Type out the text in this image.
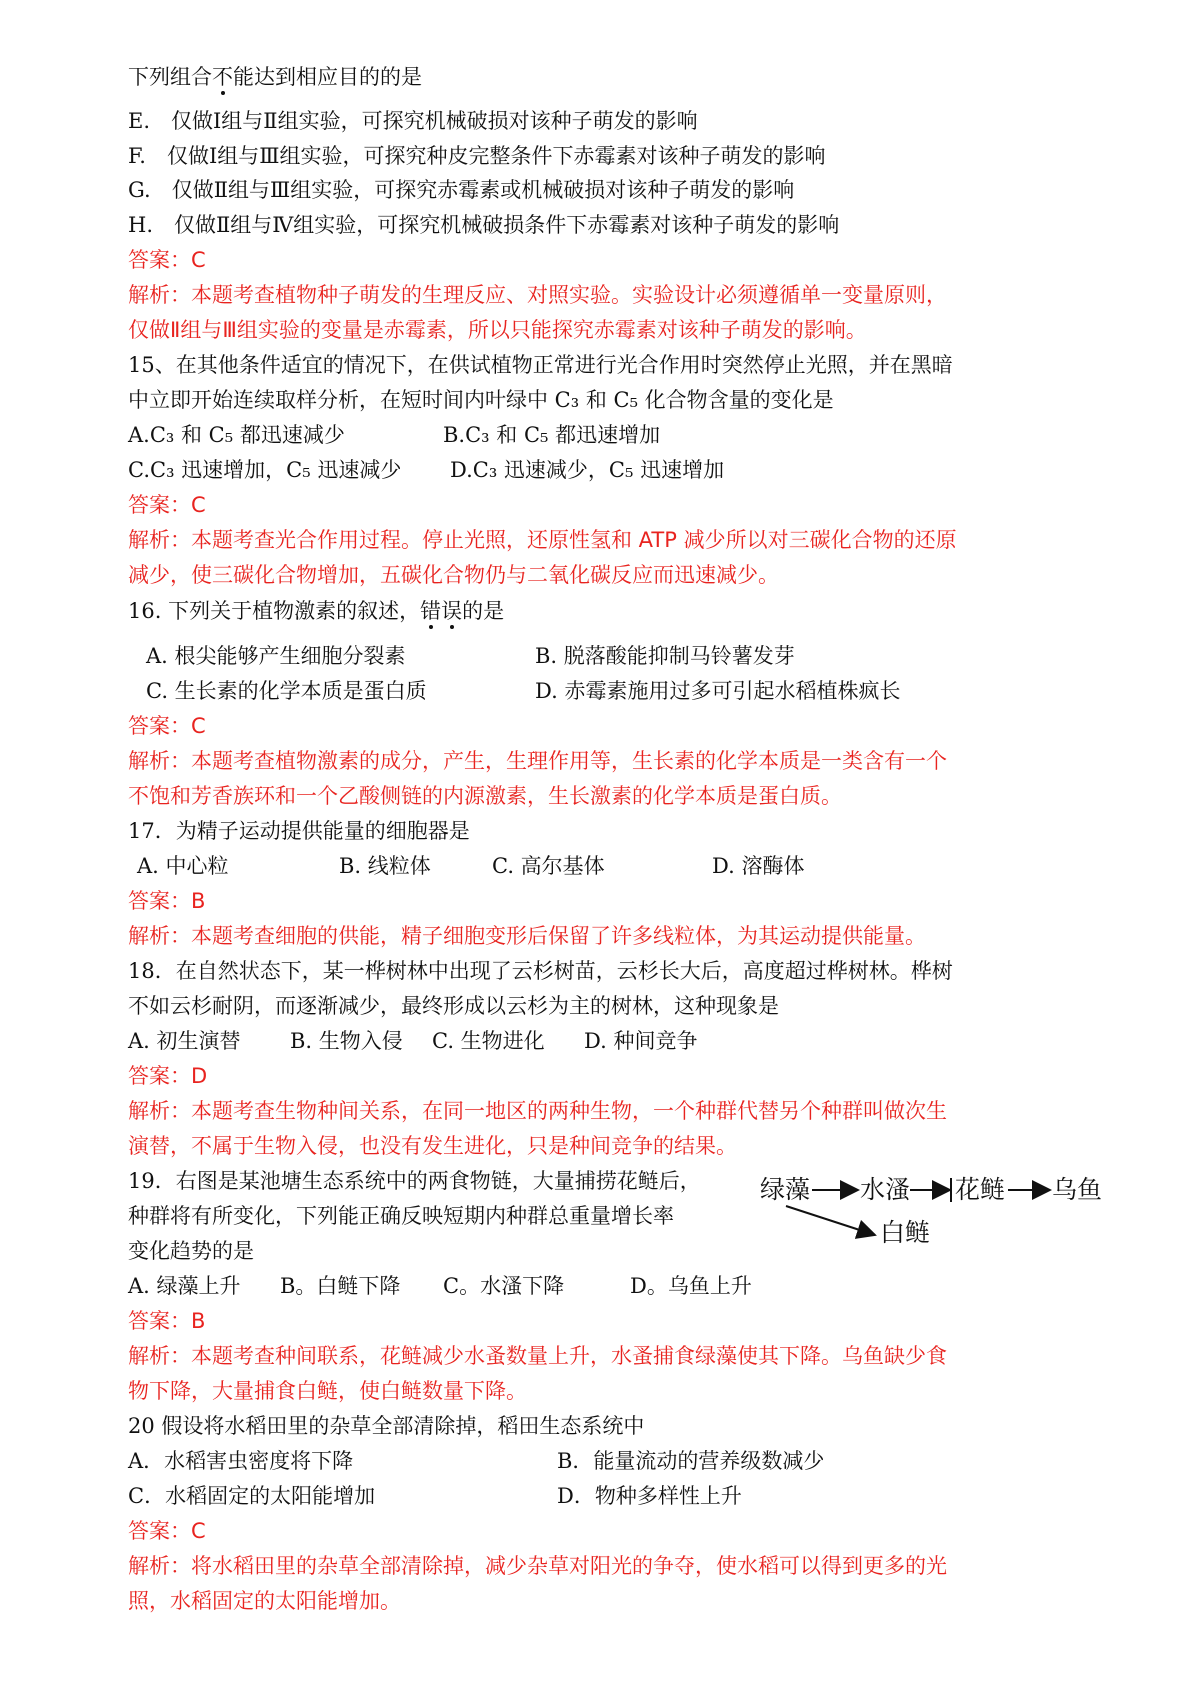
下列组合不能达到相应目的的是
E.　仅做Ⅰ组与Ⅱ组实验，可探究机械破损对该种子萌发的影响
F.　仅做Ⅰ组与Ⅲ组实验，可探究种皮完整条件下赤霉素对该种子萌发的影响
G.　仅做Ⅱ组与Ⅲ组实验，可探究赤霉素或机械破损对该种子萌发的影响
H.　仅做Ⅱ组与Ⅳ组实验，可探究机械破损条件下赤霉素对该种子萌发的影响
答案：C
解析：本题考查植物种子萌发的生理反应、对照实验。实验设计必须遵循单一变量原则，
仅做Ⅱ组与Ⅲ组实验的变量是赤霉素，所以只能探究赤霉素对该种子萌发的影响。
15、在其他条件适宜的情况下，在供试植物正常进行光合作用时突然停止光照，并在黑暗
中立即开始连续取样分析，在短时间内叶绿中 C₃ 和 C₅ 化合物含量的变化是
A.C₃ 和 C₅ 都迅速减少	B.C₃ 和 C₅ 都迅速增加
C.C₃ 迅速增加，C₅ 迅速减少 D.C₃ 迅速减少，C₅ 迅速增加
答案：C
解析：本题考查光合作用过程。停止光照，还原性氢和 ATP 减少所以对三碳化合物的还原
减少，使三碳化合物增加，五碳化合物仍与二氧化碳反应而迅速减少。
16. 下列关于植物激素的叙述，错误的是
A. 根尖能够产生细胞分裂素	B. 脱落酸能抑制马铃薯发芽
C. 生长素的化学本质是蛋白质	D. 赤霉素施用过多可引起水稻植株疯长
答案：C
解析：本题考查植物激素的成分，产生，生理作用等，生长素的化学本质是一类含有一个
不饱和芳香族环和一个乙酸侧链的内源激素，生长激素的化学本质是蛋白质。
17．为精子运动提供能量的细胞器是
A. 中心粒	B. 线粒体	C. 高尔基体	D. 溶酶体
答案：B
解析：本题考查细胞的供能，精子细胞变形后保留了许多线粒体，为其运动提供能量。
18．在自然状态下，某一桦树林中出现了云杉树苗，云杉长大后，高度超过桦树林。桦树
不如云杉耐阴，而逐渐减少，最终形成以云杉为主的树林，这种现象是
A. 初生演替 B. 生物入侵 C. 生物进化 D. 种间竞争
答案：D
解析：本题考查生物种间关系，在同一地区的两种生物，一个种群代替另个种群叫做次生
演替，不属于生物入侵，也没有发生进化，只是种间竞争的结果。
19．右图是某池塘生态系统中的两食物链，大量捕捞花鲢后，
种群将有所变化，下列能正确反映短期内种群总重量增长率
变化趋势的是
绿藻 水溞 花鲢 乌鱼
白鲢
A. 绿藻上升 B。白鲢下降 C。水溞下降	D。乌鱼上升
答案：B
解析：本题考查种间联系，花鲢减少水蚤数量上升，水蚤捕食绿藻使其下降。乌鱼缺少食
物下降，大量捕食白鲢，使白鲢数量下降。
20 假设将水稻田里的杂草全部清除掉，稻田生态系统中
A．水稻害虫密度将下降	B．能量流动的营养级数减少
C．水稻固定的太阳能增加	D．物种多样性上升
答案：C
解析：将水稻田里的杂草全部清除掉，减少杂草对阳光的争夺，使水稻可以得到更多的光
照，水稻固定的太阳能增加。
